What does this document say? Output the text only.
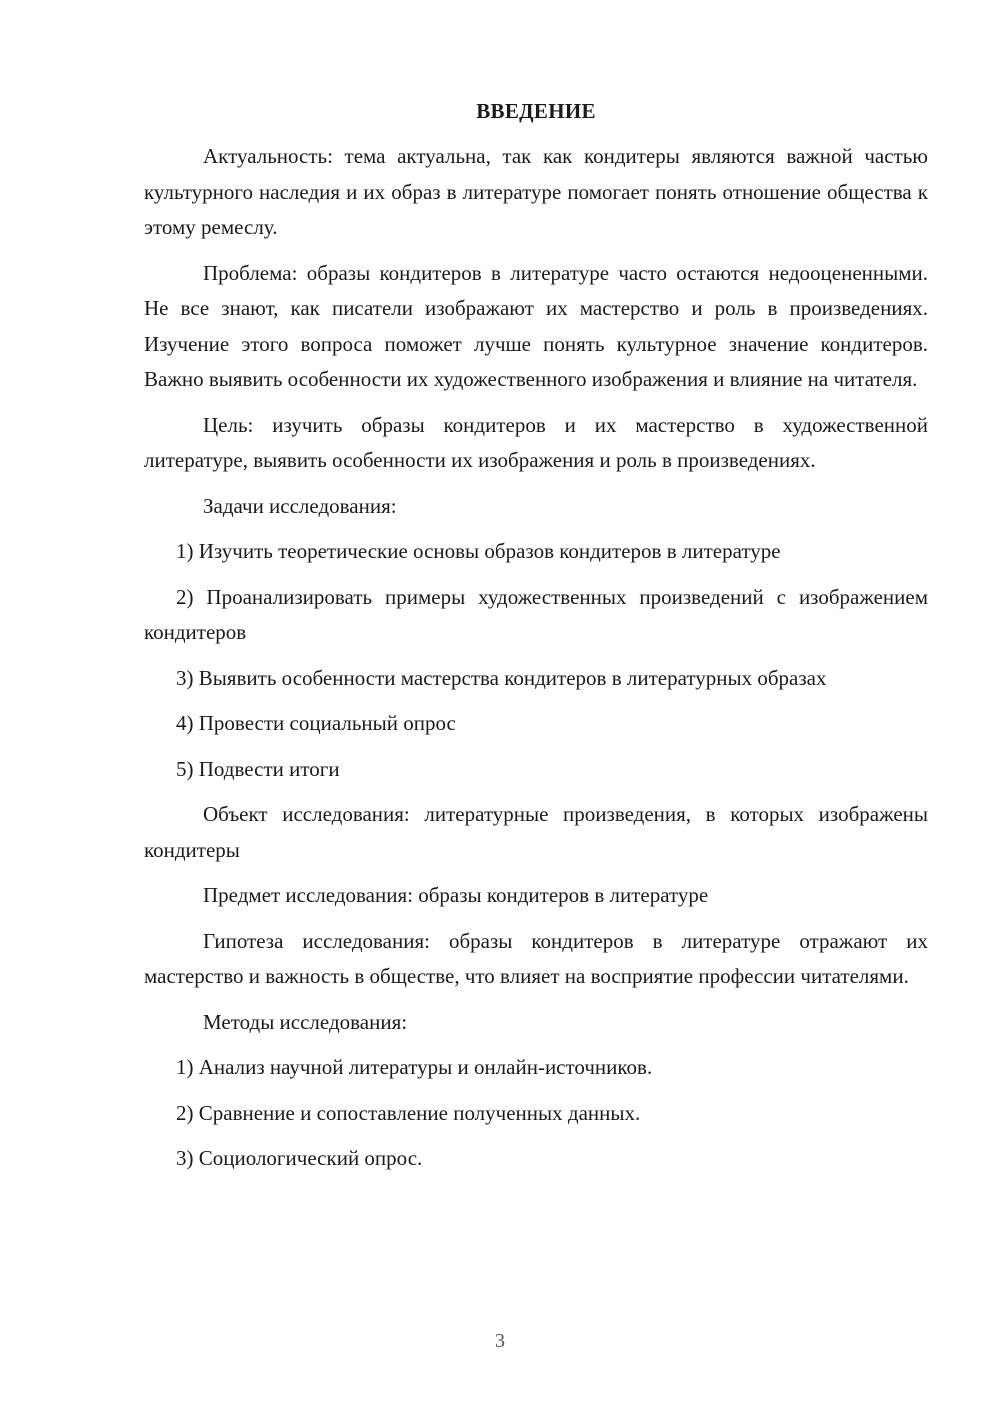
ВВЕДЕНИЕ

Актуальность: тема актуальна, так как кондитеры являются важной частью культурного наследия и их образ в литературе помогает понять отношение общества к этому ремеслу.

Проблема: образы кондитеров в литературе часто остаются недооцененными. Не все знают, как писатели изображают их мастерство и роль в произведениях. Изучение этого вопроса поможет лучше понять культурное значение кондитеров. Важно выявить особенности их художественного изображения и влияние на читателя.

Цель: изучить образы кондитеров и их мастерство в художественной литературе, выявить особенности их изображения и роль в произведениях.

Задачи исследования:

1) Изучить теоретические основы образов кондитеров в литературе

2) Проанализировать примеры художественных произведений с изображением кондитеров

3) Выявить особенности мастерства кондитеров в литературных образах

4) Провести социальный опрос

5) Подвести итоги

Объект исследования: литературные произведения, в которых изображены кондитеры

Предмет исследования: образы кондитеров в литературе

Гипотеза исследования: образы кондитеров в литературе отражают их мастерство и важность в обществе, что влияет на восприятие профессии читателями.

Методы исследования:

1) Анализ научной литературы и онлайн-источников.

2) Сравнение и сопоставление полученных данных.

3) Социологический опрос.

3
